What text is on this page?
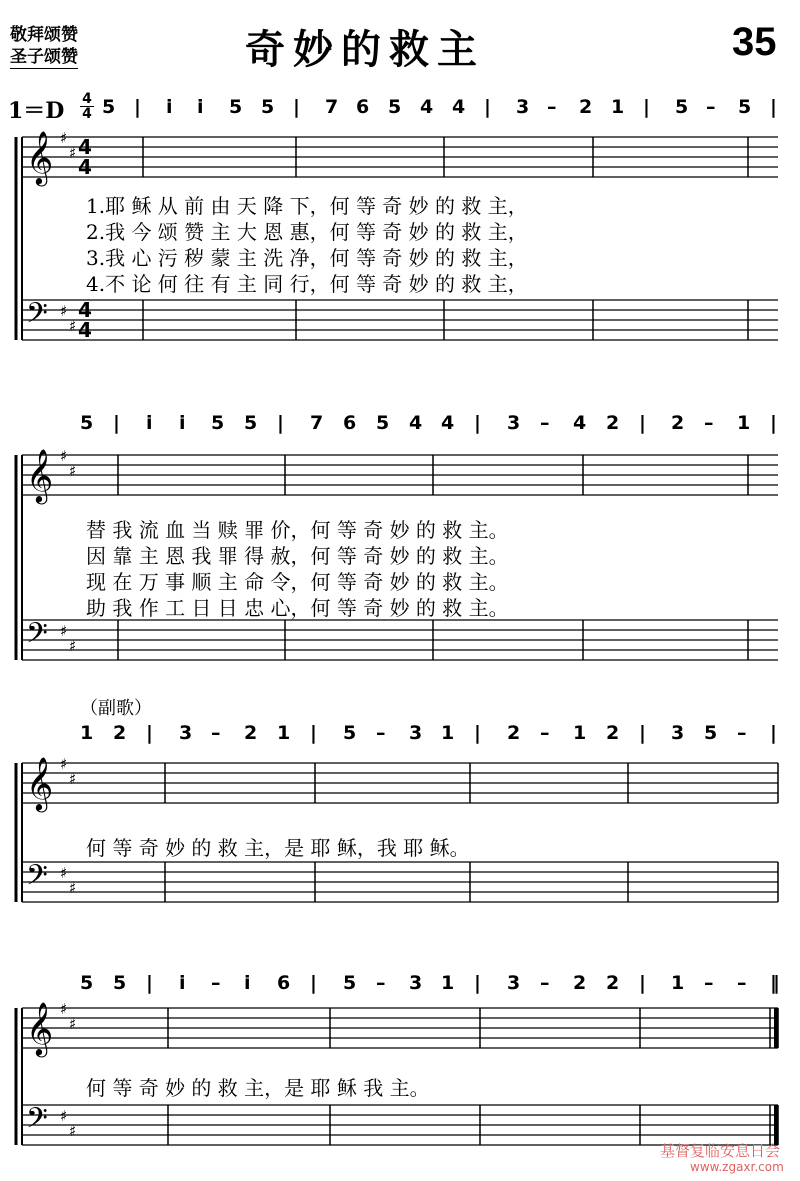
敬拜颂赞
圣子颂赞	奇妙的救主	35
𝄞 ♯
♯
𝄢 ♯
♯
𝄞 ♯
♯
𝄢 ♯
♯
𝄞 ♯
♯
𝄢 ♯
♯
𝄞 ♯
♯
𝄢 ♯
♯
4
4
4
4
1＝D 4
4
（副歌）
5 | i i 5 5 | 7 6 5 4 4 | 3 – 2 1 | 5 – 5 |
5 | i i 5 5 | 7 6 5 4 4 | 3 – 4 2 | 2 – 1 |
1 2 | 3 – 2 1 | 5 – 3 1 | 2 – 1 2 | 3 5 – |
5 5 | i – i 6 | 5 – 3 1 | 3 – 2 2 | 1 – – ‖
1.耶 稣 从 前 由 天 降 下，何 等 奇 妙 的 救 主，
2.我 今 颂 赞 主 大 恩 惠，何 等 奇 妙 的 救 主，
3.我 心 污 秽 蒙 主 洗 净，何 等 奇 妙 的 救 主，
4.不 论 何 往 有 主 同 行，何 等 奇 妙 的 救 主，
替 我 流 血 当 赎 罪 价，何 等 奇 妙 的 救 主。
因 靠 主 恩 我 罪 得 赦，何 等 奇 妙 的 救 主。
现 在 万 事 顺 主 命 令，何 等 奇 妙 的 救 主。
助 我 作 工 日 日 忠 心，何 等 奇 妙 的 救 主。
何 等 奇 妙 的 救 主，是 耶 稣，我 耶 稣。
何 等 奇 妙 的 救 主，是 耶 稣 我 主。
基督复临安息日会
www.zgaxr.com
